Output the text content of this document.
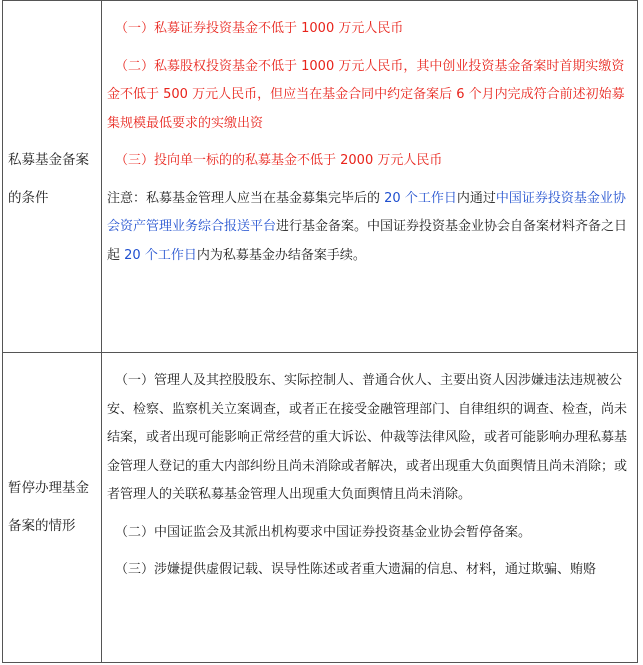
私募基金备案
的条件

（一）私募证券投资基金不低于 1000 万元人民币

（二）私募股权投资基金不低于 1000 万元人民币，其中创业投资基金备案时首期实缴资金不低于 500 万元人民币，但应当在基金合同中约定备案后 6 个月内完成符合前述初始募集规模最低要求的实缴出资

（三）投向单一标的的私募基金不低于 2000 万元人民币

注意：私募基金管理人应当在基金募集完毕后的 20 个工作日内通过中国证券投资基金业协会资产管理业务综合报送平台进行基金备案。中国证券投资基金业协会自备案材料齐备之日起 20 个工作日内为私募基金办结备案手续。

暂停办理基金
备案的情形

（一）管理人及其控股股东、实际控制人、普通合伙人、主要出资人因涉嫌违法违规被公安、检察、监察机关立案调查，或者正在接受金融管理部门、自律组织的调查、检查，尚未结案，或者出现可能影响正常经营的重大诉讼、仲裁等法律风险，或者可能影响办理私募基金管理人登记的重大内部纠纷且尚未消除或者解决，或者出现重大负面舆情且尚未消除；或者管理人的关联私募基金管理人出现重大负面舆情且尚未消除。

（二）中国证监会及其派出机构要求中国证券投资基金业协会暂停备案。

（三）涉嫌提供虚假记载、误导性陈述或者重大遗漏的信息、材料，通过欺骗、贿赂
